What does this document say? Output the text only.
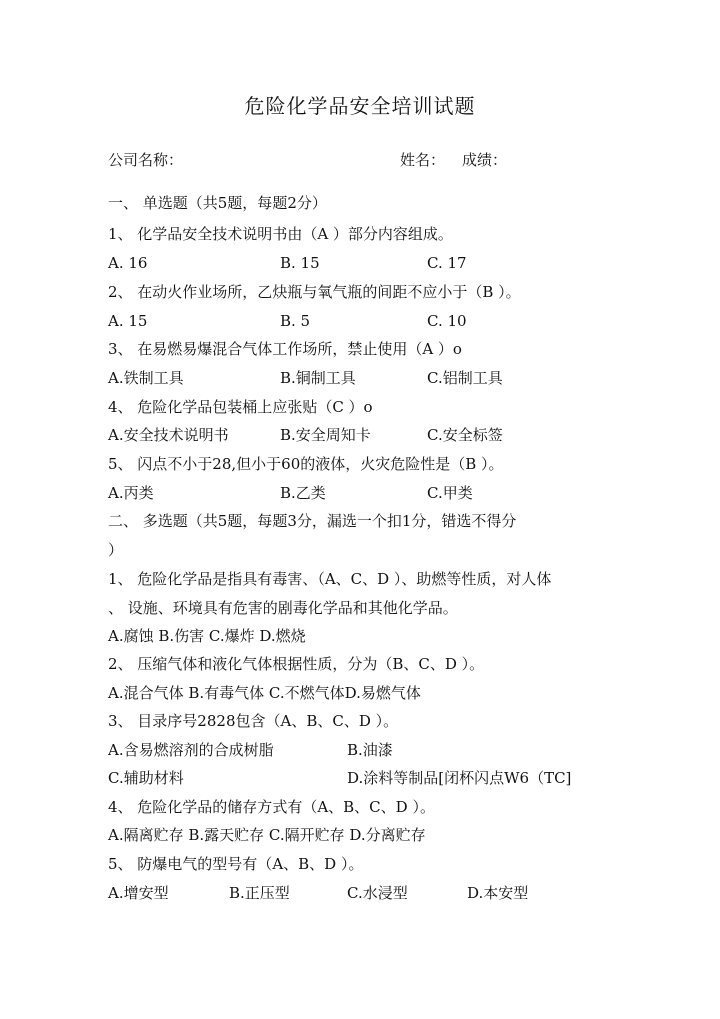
危险化学品安全培训试题
公司名称：	姓名： 成绩：
一、 单选题（共5题，每题2分）
1、 化学品安全技术说明书由（A ）部分内容组成。
A. 16	B. 15	C. 17
2、 在动火作业场所，乙炔瓶与氧气瓶的间距不应小于（B ）。
A. 15	B. 5	C. 10
3、 在易燃易爆混合气体工作场所，禁止使用（A ）o
A.铁制工具	B.铜制工具	C.铝制工具
4、 危险化学品包装桶上应张贴（C ）o
A.安全技术说明书	B.安全周知卡	C.安全标签
5、 闪点不小于28,但小于60的液体，火灾危险性是（B ）。
A.丙类	B.乙类	C.甲类
二、 多选题（共5题，每题3分，漏选一个扣1分，错选不得分
）
1、 危险化学品是指具有毒害、（A、C、D ）、助燃等性质，对人体
、 设施、环境具有危害的剧毒化学品和其他化学品。
A.腐蚀 B.伤害 C.爆炸 D.燃烧
2、 压缩气体和液化气体根据性质，分为（B、C、D ）。
A.混合气体 B.有毒气体 C.不燃气体D.易燃气体
3、 目录序号2828包含（A、B、C、D ）。
A.含易燃溶剂的合成树脂	B.油漆
C.辅助材料	D.涂料等制品[闭杯闪点W6（TC]
4、 危险化学品的储存方式有（A、B、C、D ）。
A.隔离贮存 B.露天贮存 C.隔开贮存 D.分离贮存
5、 防爆电气的型号有（A、B、D ）。
A.增安型	B.正压型	C.水浸型	D.本安型
